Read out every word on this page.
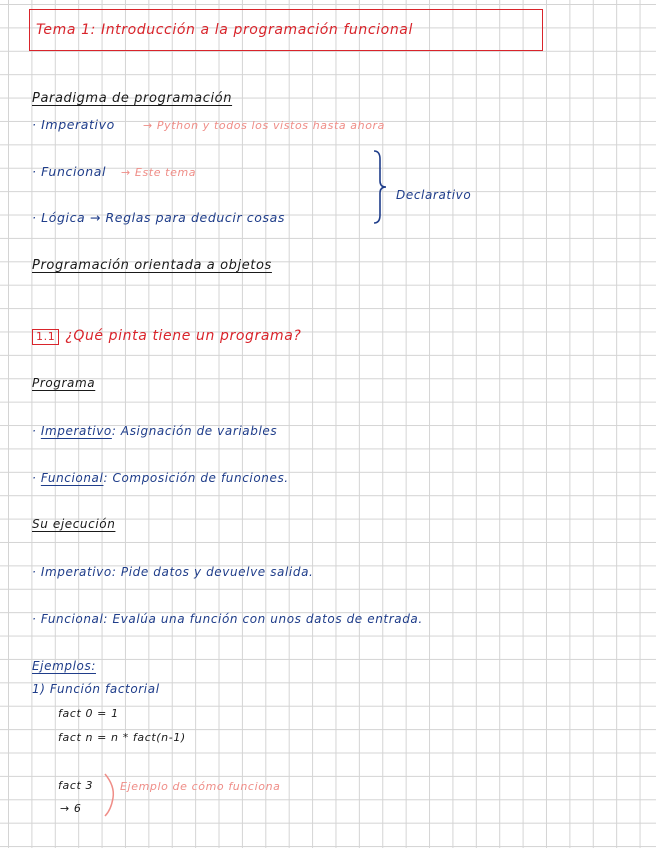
Tema 1: Introducción a la programación funcional
Paradigma de programación
· Imperativo	→ Python y todos los vistos hasta ahora
· Funcional → Este tema
· Lógica → Reglas para deducir cosas
Declarativo
Programación orientada a objetos
1.1 ¿Qué pinta tiene un programa?
Programa
· Imperativo: Asignación de variables
· Funcional: Composición de funciones.
Su ejecución
· Imperativo: Pide datos y devuelve salida.
· Funcional: Evalúa una función con unos datos de entrada.
Ejemplos:
1) Función factorial
fact 0 = 1
fact n = n * fact(n-1)
fact 3
→ 6
Ejemplo de cómo funciona
